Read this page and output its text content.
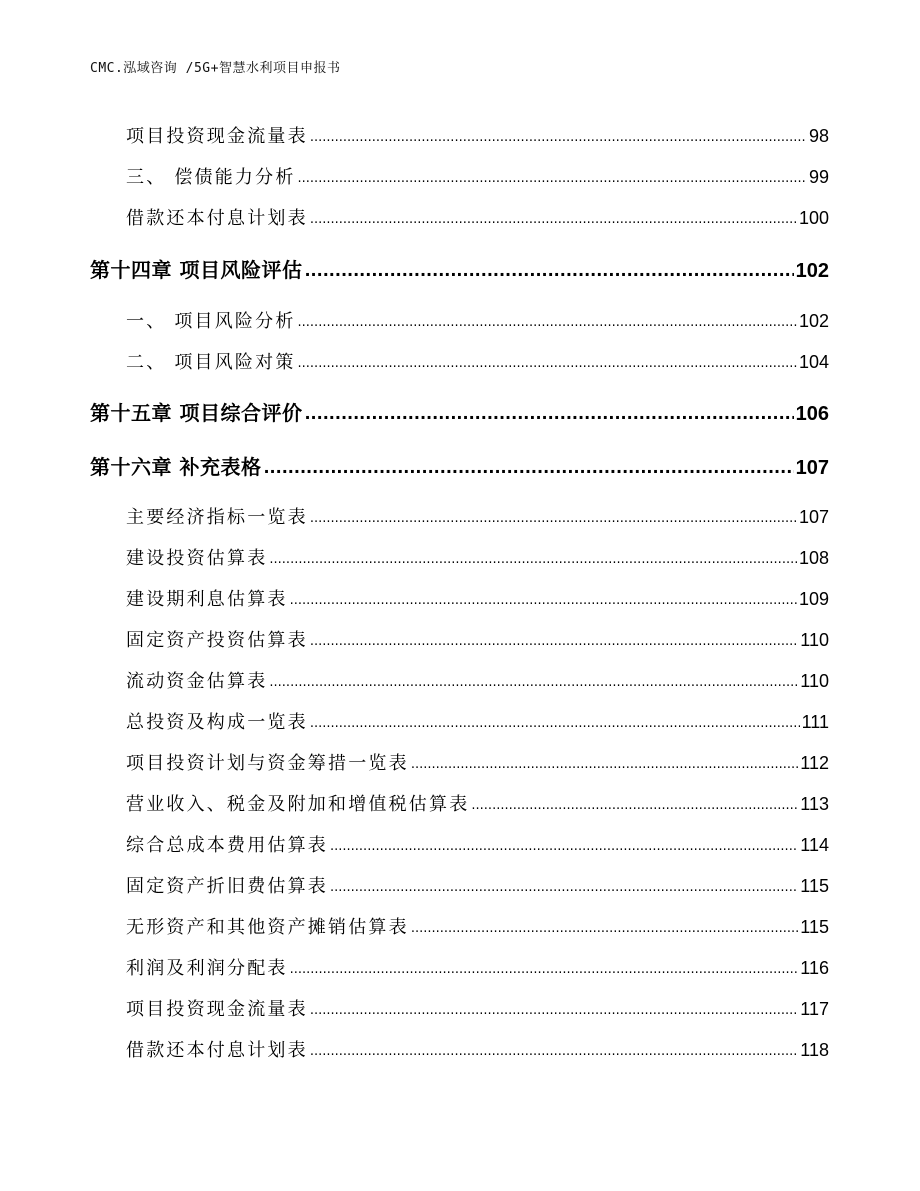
CMC.泓域咨询 /5G+智慧水利项目申报书
项目投资现金流量表 .....	98
三、 偿债能力分析 .....	99
借款还本付息计划表 .....	100
第十四章 项目风险评估 .....	102
一、 项目风险分析 .....	102
二、 项目风险对策 .....	104
第十五章 项目综合评价 .....	106
第十六章 补充表格 .....	107
主要经济指标一览表 .....	107
建设投资估算表 .....	108
建设期利息估算表 .....	109
固定资产投资估算表 .....	110
流动资金估算表 .....	110
总投资及构成一览表 .....	111
项目投资计划与资金筹措一览表 .....	112
营业收入、税金及附加和增值税估算表 .....	113
综合总成本费用估算表 .....	114
固定资产折旧费估算表 .....	115
无形资产和其他资产摊销估算表 .....	115
利润及利润分配表 .....	116
项目投资现金流量表 .....	117
借款还本付息计划表 .....	118
